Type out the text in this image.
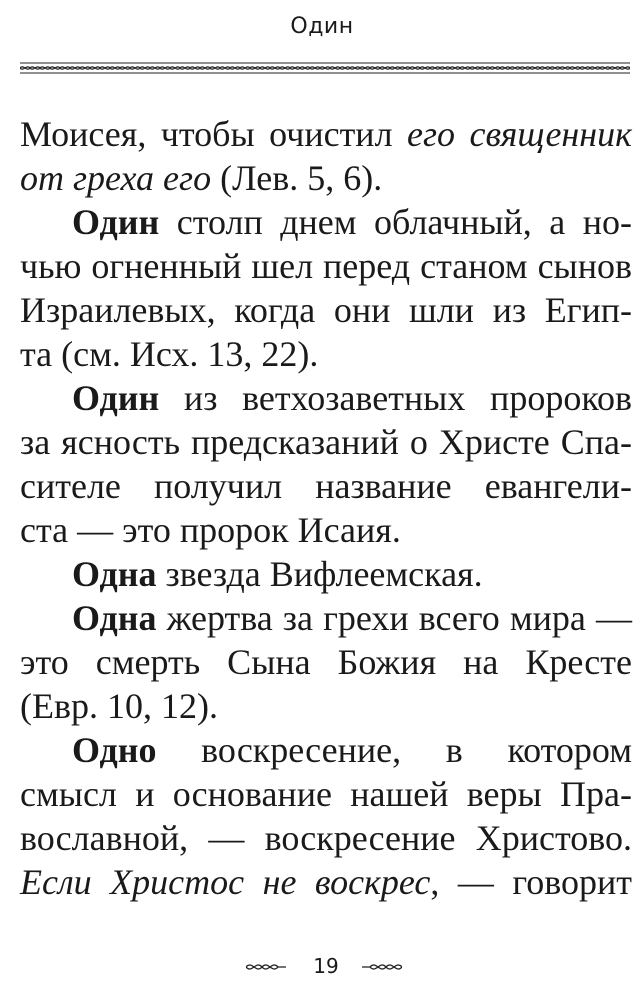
Один
Моисея, чтобы очистил его священник
от греха его (Лев. 5, 6).
Один столп днем облачный, а но-
чью огненный шел перед станом сынов
Израилевых, когда они шли из Егип-
та (см. Исх. 13, 22).
Один из ветхозаветных пророков
за ясность предсказаний о Христе Спа-
сителе получил название евангели-
ста — это пророк Исаия.
Одна звезда Вифлеемская.
Одна жертва за грехи всего мира —
это смерть Сына Божия на Кресте
(Евр. 10, 12).
Одно воскресение, в котором
смысл и основание нашей веры Пра-
вославной, — воскресение Христово.
Если Христос не воскрес, — говорит
19
